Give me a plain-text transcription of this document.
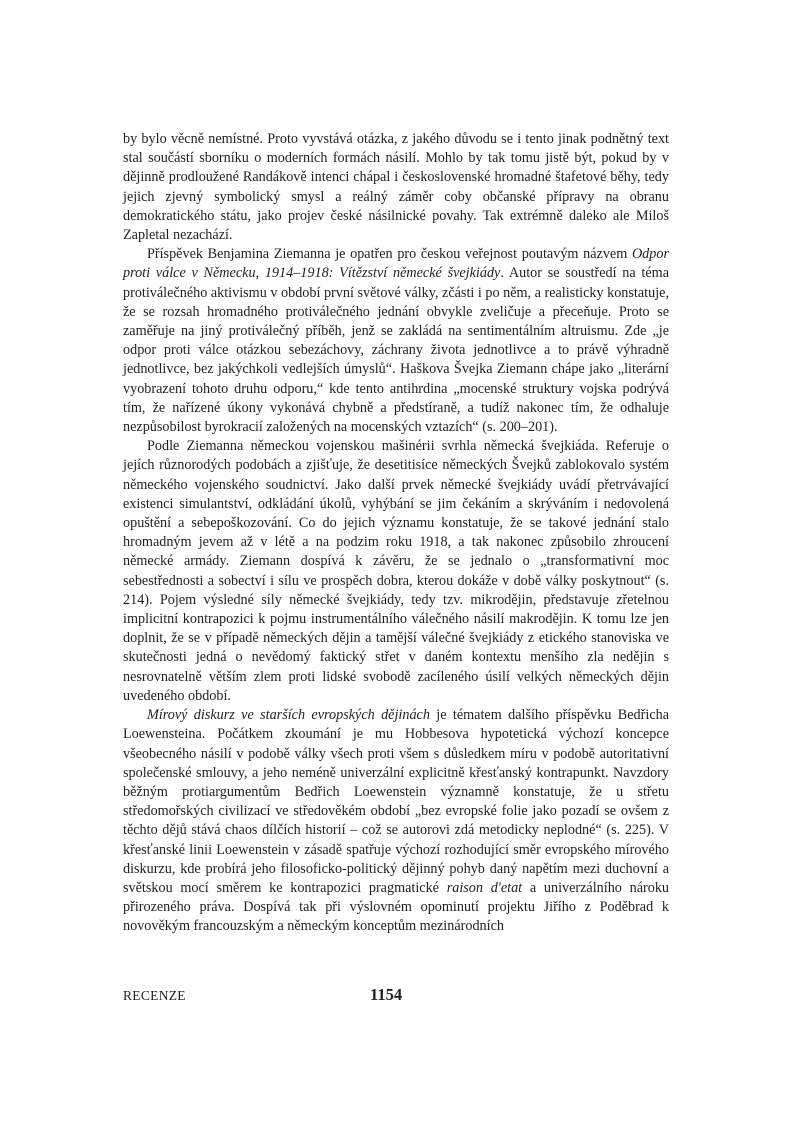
by bylo věcně nemístné. Proto vyvstává otázka, z jakého důvodu se i tento jinak podnětný text stal součástí sborníku o moderních formách násilí. Mohlo by tak tomu jistě být, pokud by v dějinně prodloužené Randákově intenci chápal i československé hromadné štafetové běhy, tedy jejich zjevný symbolický smysl a reálný záměr coby občanské přípravy na obranu demokratického státu, jako projev české násilnické povahy. Tak extrémně daleko ale Miloš Zapletal nezachází.

Příspěvek Benjamina Ziemanna je opatřen pro českou veřejnost poutavým názvem Odpor proti válce v Německu, 1914–1918: Vítězství německé švejkiády. Autor se soustředí na téma protiválečného aktivismu v období první světové války, zčásti i po něm, a realisticky konstatuje, že se rozsah hromadného protiválečného jednání obvykle zveličuje a přeceňuje. Proto se zaměřuje na jiný protiválečný příběh, jenž se zakládá na sentimentálním altruismu. Zde „je odpor proti válce otázkou sebezáchovy, záchrany života jednotlivce a to právě výhradně jednotlivce, bez jakýchkoli vedlejších úmyslů“. Haškova Švejka Ziemann chápe jako „literární vyobrazení tohoto druhu odporu,“ kde tento antihrdina „mocenské struktury vojska podrývá tím, že nařízené úkony vykonává chybně a předstíraně, a tudíž nakonec tím, že odhaluje nezpůsobilost byrokracií založených na mocenských vztazích“ (s. 200–201).

Podle Ziemanna německou vojenskou mašinérii svrhla německá švejkiáda. Referuje o jejích různorodých podobách a zjišťuje, že desetitisíce německých Švejků zablokovalo systém německého vojenského soudnictví. Jako další prvek německé švejkiády uvádí přetrvávající existenci simulantství, odkládání úkolů, vyhýbání se jim čekáním a skrýváním i nedovolená opuštění a sebepoškozování. Co do jejich významu konstatuje, že se takové jednání stalo hromadným jevem až v létě a na podzim roku 1918, a tak nakonec způsobilo zhroucení německé armády. Ziemann dospívá k závěru, že se jednalo o „transformativní moc sebestřednosti a sobectví i sílu ve prospěch dobra, kterou dokáže v době války poskytnout“ (s. 214). Pojem výsledné síly německé švejkiády, tedy tzv. mikrodějin, představuje zřetelnou implicitní kontrapozici k pojmu instrumentálního válečného násilí makrodějin. K tomu lze jen doplnit, že se v případě německých dějin a tamější válečné švejkiády z etického stanoviska ve skutečnosti jedná o nevědomý faktický střet v daném kontextu menšího zla nedějin s nesrovnatelně větším zlem proti lidské svobodě zacíleného úsilí velkých německých dějin uvedeného období.

Mírový diskurz ve starších evropských dějinách je tématem dalšího příspěvku Bedřicha Loewensteina. Počátkem zkoumání je mu Hobbesova hypotetická výchozí koncepce všeobecného násilí v podobě války všech proti všem s důsledkem míru v podobě autoritativní společenské smlouvy, a jeho neméně univerzální explicitně křesťanský kontrapunkt. Navzdory běžným protiargumentům Bedřich Loewenstein významně konstatuje, že u střetu středomořských civilizací ve středověkém období „bez evropské folie jako pozadí se ovšem z těchto dějů stává chaos dílčích historií – což se autorovi zdá metodicky neplodné“ (s. 225). V křesťanské linii Loewenstein v zásadě spatřuje výchozí rozhodující směr evropského mírového diskurzu, kde probírá jeho filosoficko-politický dějinný pohyb daný napětím mezi duchovní a světskou mocí směrem ke kontrapozici pragmatické raison d'etat a univerzálního nároku přirozeného práva. Dospívá tak při výslovném opominutí projektu Jiřího z Poděbrad k novověkým francouzským a německým konceptům mezinárodních

RECENZE	1154
